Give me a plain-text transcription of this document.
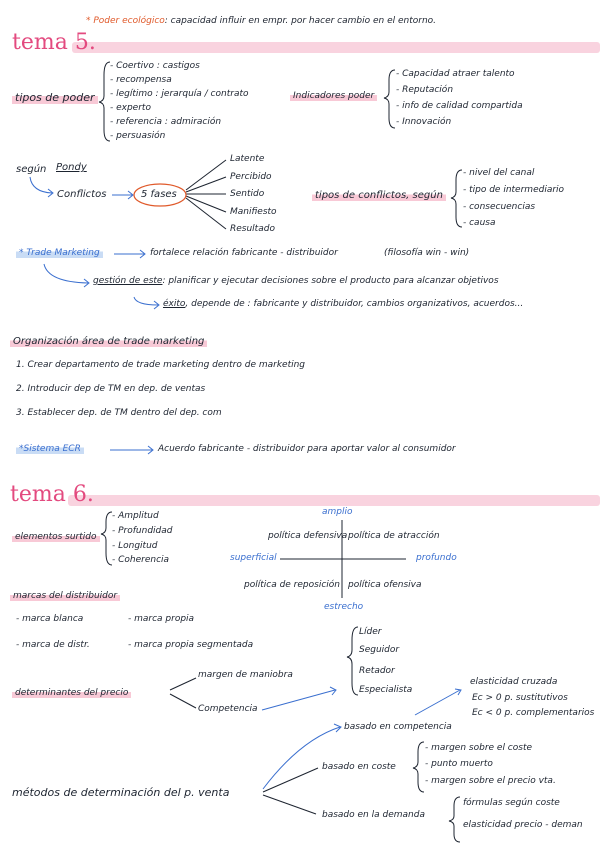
* Poder ecológico: capacidad influir en empr. por hacer cambio en el entorno.
tema 5.
tipos de poder
- Coertivo : castigos
- recompensa
- legítimo : jerarquía / contrato
- experto
- referencia : admiración
- persuasión
Indicadores poder
- Capacidad atraer talento
- Reputación
- info de calidad compartida
- Innovación
según Pondy
Conflictos	5 fases
Latente
Percibido
Sentido
Manifiesto
Resultado
tipos de conflictos, según
- nivel del canal
- tipo de intermediario
- consecuencias
- causa
* Trade Marketing	fortalece relación fabricante - distribuidor	(filosofía win - win)
gestión de este: planificar y ejecutar decisiones sobre el producto para alcanzar objetivos
éxito, depende de : fabricante y distribuidor, cambios organizativos, acuerdos...
Organización área de trade marketing
1. Crear departamento de trade marketing dentro de marketing
2. Introducir dep de TM en dep. de ventas
3. Establecer dep. de TM dentro del dep. com
*Sistema ECR	Acuerdo fabricante - distribuidor para aportar valor al consumidor
tema 6.
elementos surtido
- Amplitud
- Profundidad
- Longitud
- Coherencia
amplio
estrecho
superficial	profundo
política defensiva política de atracción
política de reposición política ofensiva
marcas del distribuidor
- marca blanca	- marca propia
- marca de distr.	- marca propia segmentada
determinantes del precio
margen de maniobra
Competencia
Líder
Seguidor
Retador
Especialista
elasticidad cruzada
Ec > 0 p. sustitutivos
Ec < 0 p. complementarios
métodos de determinación del p. venta
basado en competencia
basado en coste
- margen sobre el coste
- punto muerto
- margen sobre el precio vta.
basado en la demanda
fórmulas según coste
elasticidad precio - deman
